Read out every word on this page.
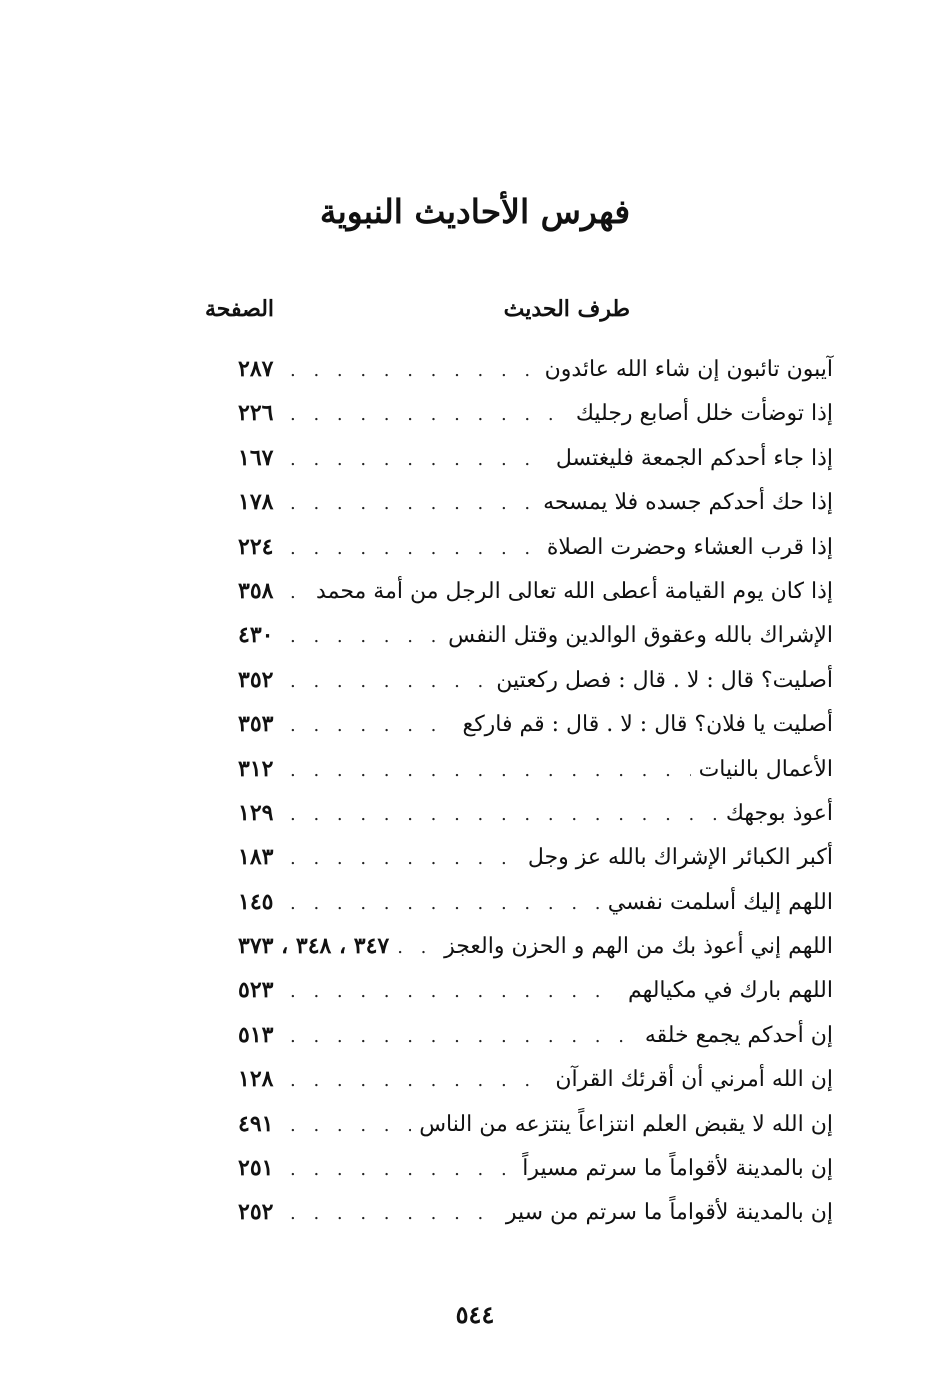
فهرس الأحاديث النبوية
طرف الحديث
الصفحة
آيبون تائبون إن شاء الله عائدون
. . .
٢٨٧
إذا توضأت خلل أصابع رجليك
. . .
٢٢٦
إذا جاء أحدكم الجمعة فليغتسل
. . .
١٦٧
إذا حك أحدكم جسده فلا يمسحه
. . .
١٧٨
إذا قرب العشاء وحضرت الصلاة
. . .
٢٢٤
إذا كان يوم القيامة أعطى الله تعالى الرجل من أمة محمد
. . .
٣٥٨
الإشراك بالله وعقوق الوالدين وقتل النفس
. . .
٤٣٠
أصليت؟ قال : لا . قال : فصل ركعتين
. . .
٣٥٢
أصليت يا فلان؟ قال : لا . قال : قم فاركع
. . .
٣٥٣
الأعمال بالنيات
. . .
٣١٢
أعوذ بوجهك
. . .
١٢٩
أكبر الكبائر الإشراك بالله عز وجل
. . .
١٨٣
اللهم إليك أسلمت نفسي
. . .
١٤٥
اللهم إني أعوذ بك من الهم و الحزن والعجز
. . .
٣٤٧ ، ٣٤٨ ، ٣٧٣
اللهم بارك في مكيالهم
. . .
٥٢٣
إن أحدكم يجمع خلقه
. . .
٥١٣
إن الله أمرني أن أقرئك القرآن
. . .
١٢٨
إن الله لا يقبض العلم انتزاعاً ينتزعه من الناس
. . .
٤٩١
إن بالمدينة لأقواماً ما سرتم مسيراً
. . .
٢٥١
إن بالمدينة لأقواماً ما سرتم من سير
. . .
٢٥٢
٥٤٤
